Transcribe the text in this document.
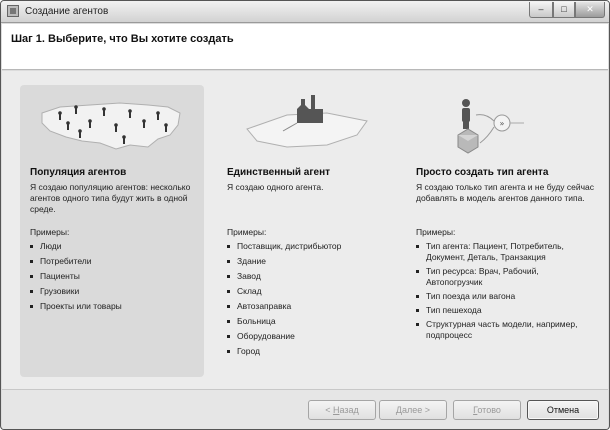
Создание агентов	–	□	✕
Шаг 1. Выберите, что Вы хотите создать
Популяция агентов
Я создаю популяцию агентов: несколько агентов одного типа будут жить в одной среде.
Примеры:
Люди
Потребители
Пациенты
Грузовики
Проекты или товары
Единственный агент
Я создаю одного агента.
Примеры:
Поставщик, дистрибьютор
Здание
Завод
Склад
Автозаправка
Больница
Оборудование
Город
»
Просто создать тип агента
Я создаю только тип агента и не буду сейчас добавлять в модель агентов данного типа.
Примеры:
Тип агента: Пациент, Потребитель, Документ, Деталь, Транзакция
Тип ресурса: Врач, Рабочий, Автопогрузчик
Тип поезда или вагона
Тип пешехода
Структурная часть модели, например, подпроцесс
< Назад	Далее >	Готово	Отмена
